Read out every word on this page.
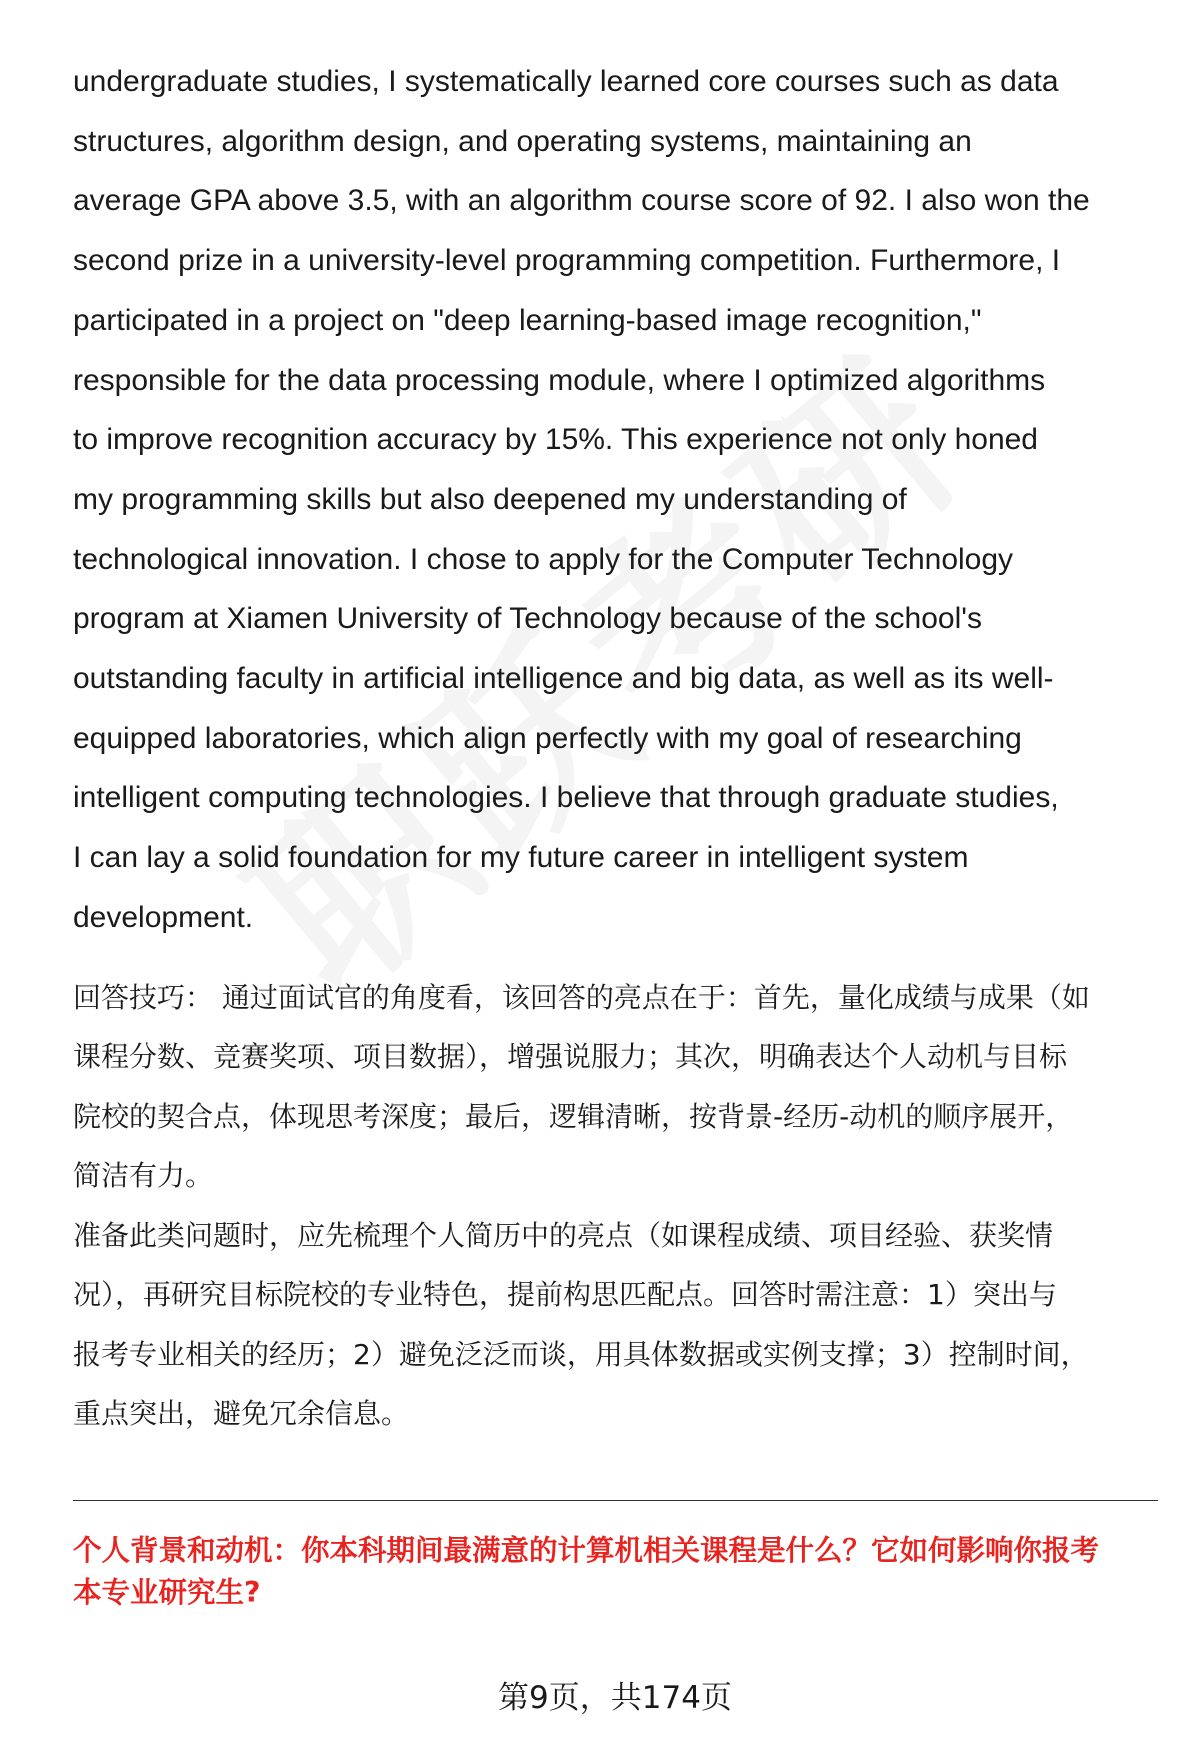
undergraduate studies, I systematically learned core courses such as data
structures, algorithm design, and operating systems, maintaining an
average GPA above 3.5, with an algorithm course score of 92. I also won the
second prize in a university-level programming competition. Furthermore, I
participated in a project on "deep learning-based image recognition,"
responsible for the data processing module, where I optimized algorithms
to improve recognition accuracy by 15%. This experience not only honed
my programming skills but also deepened my understanding of
technological innovation. I chose to apply for the Computer Technology
program at Xiamen University of Technology because of the school's
outstanding faculty in artificial intelligence and big data, as well as its well-
equipped laboratories, which align perfectly with my goal of researching
intelligent computing technologies. I believe that through graduate studies,
I can lay a solid foundation for my future career in intelligent system
development.
回答技巧： 通过面试官的角度看，该回答的亮点在于：首先，量化成绩与成果（如
课程分数、竞赛奖项、项目数据），增强说服力；其次，明确表达个人动机与目标
院校的契合点，体现思考深度；最后，逻辑清晰，按背景-经历-动机的顺序展开，
简洁有力。
准备此类问题时，应先梳理个人简历中的亮点（如课程成绩、项目经验、获奖情
况），再研究目标院校的专业特色，提前构思匹配点。回答时需注意：1）突出与
报考专业相关的经历；2）避免泛泛而谈，用具体数据或实例支撑；3）控制时间，
重点突出，避免冗余信息。
个人背景和动机：你本科期间最满意的计算机相关课程是什么？它如何影响你报考
本专业研究生?
第9页，共174页
